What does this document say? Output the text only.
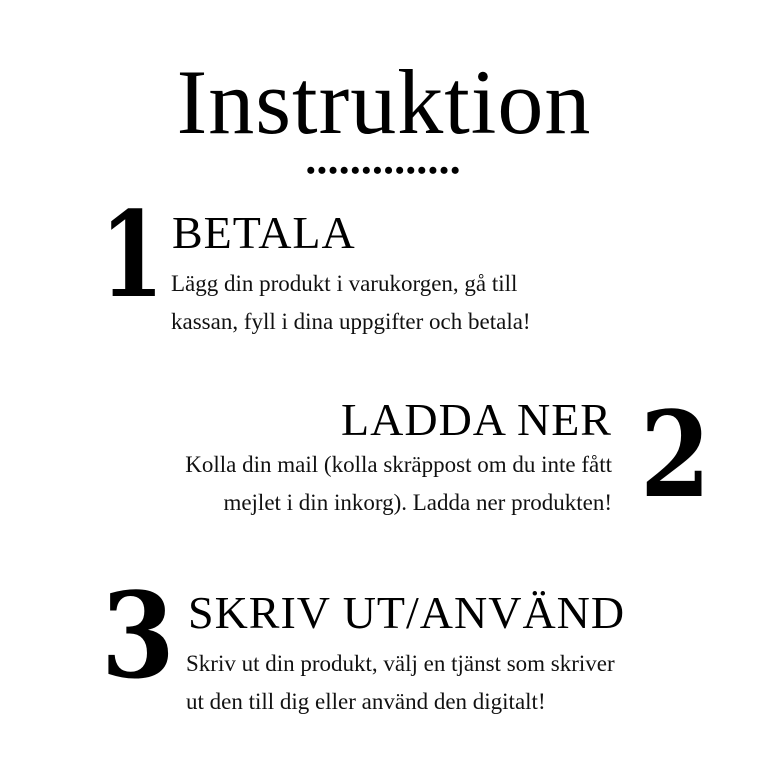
Instruktion
••••••••••••••
1 BETALA

Lägg din produkt i varukorgen, gå till
kassan, fyll i dina uppgifter och betala!

LADDA NER

Kolla din mail (kolla skräppost om du inte fått
mejlet i din inkorg). Ladda ner produkten! 2
3 SKRIV UT/ANVÄND

Skriv ut din produkt, välj en tjänst som skriver
ut den till dig eller använd den digitalt!
